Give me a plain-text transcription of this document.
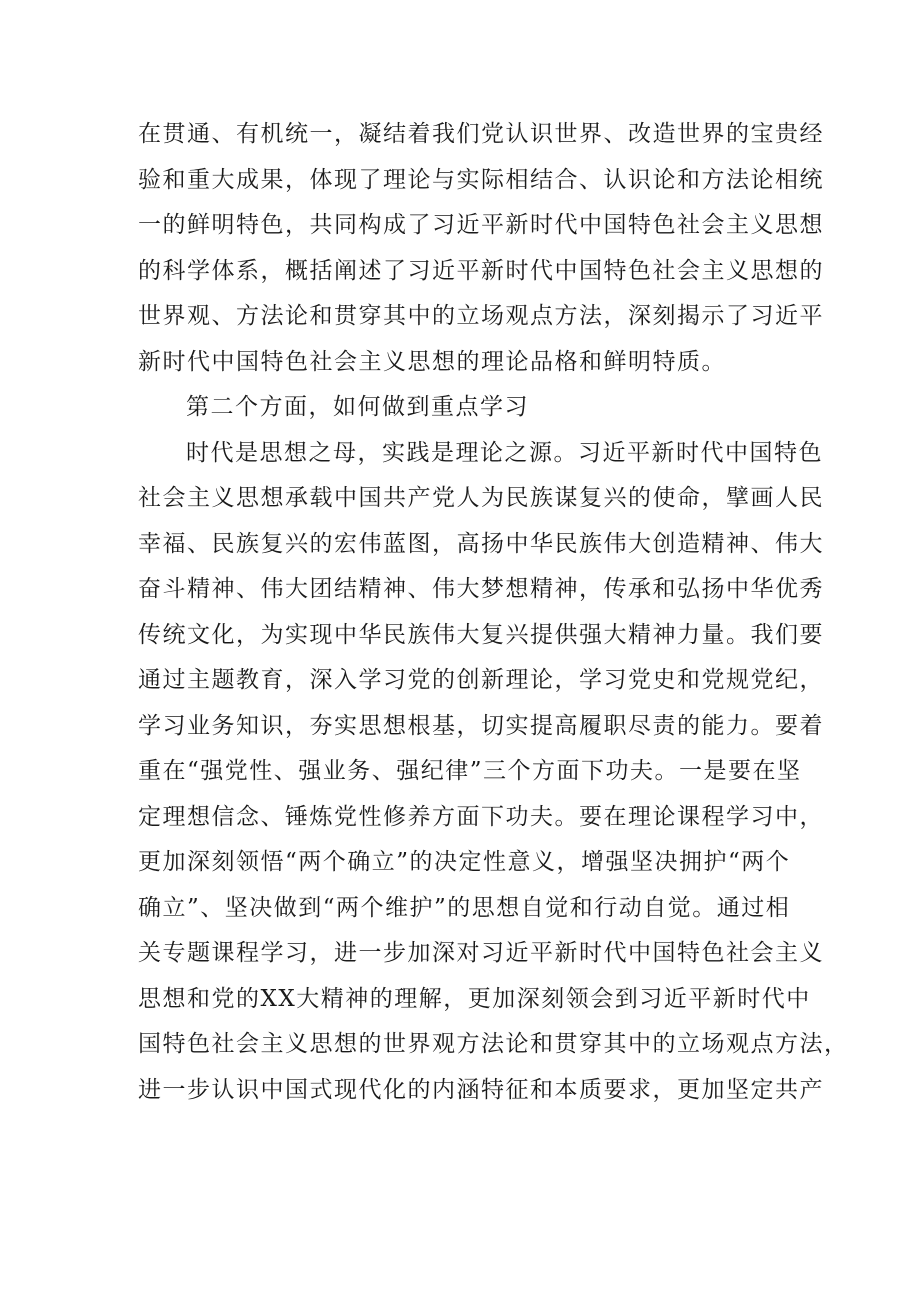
在贯通、有机统一，凝结着我们党认识世界、改造世界的宝贵经
验和重大成果，体现了理论与实际相结合、认识论和方法论相统
一的鲜明特色，共同构成了习近平新时代中国特色社会主义思想
的科学体系，概括阐述了习近平新时代中国特色社会主义思想的
世界观、方法论和贯穿其中的立场观点方法，深刻揭示了习近平
新时代中国特色社会主义思想的理论品格和鲜明特质。
第二个方面，如何做到重点学习
时代是思想之母，实践是理论之源。习近平新时代中国特色
社会主义思想承载中国共产党人为民族谋复兴的使命，擘画人民
幸福、民族复兴的宏伟蓝图，高扬中华民族伟大创造精神、伟大
奋斗精神、伟大团结精神、伟大梦想精神，传承和弘扬中华优秀
传统文化，为实现中华民族伟大复兴提供强大精神力量。我们要
通过主题教育，深入学习党的创新理论，学习党史和党规党纪，
学习业务知识，夯实思想根基，切实提高履职尽责的能力。要着
重在“强党性、强业务、强纪律”三个方面下功夫。一是要在坚
定理想信念、锤炼党性修养方面下功夫。要在理论课程学习中，
更加深刻领悟“两个确立”的决定性意义，增强坚决拥护“两个
确立”、坚决做到“两个维护”的思想自觉和行动自觉。通过相
关专题课程学习，进一步加深对习近平新时代中国特色社会主义
思想和党的XX大精神的理解，更加深刻领会到习近平新时代中
国特色社会主义思想的世界观方法论和贯穿其中的立场观点方法，
进一步认识中国式现代化的内涵特征和本质要求，更加坚定共产
